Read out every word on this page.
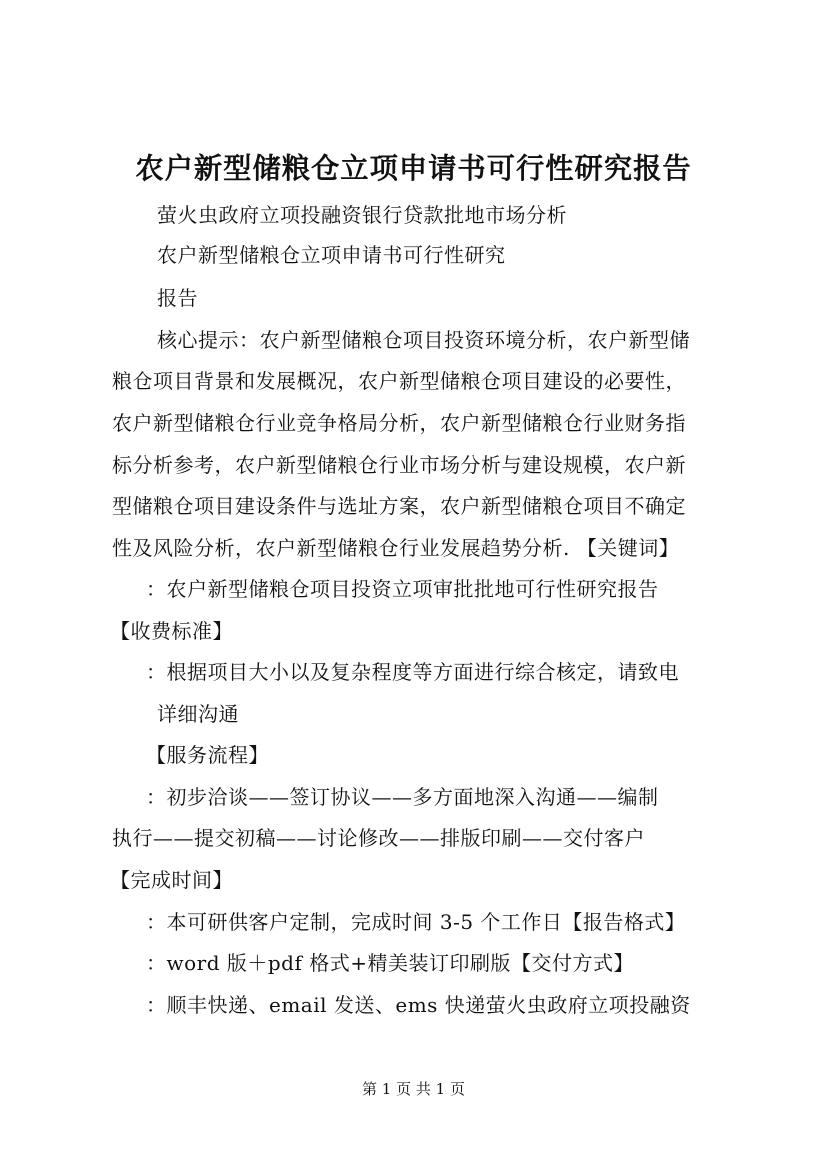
农户新型储粮仓立项申请书可行性研究报告
萤火虫政府立项投融资银行贷款批地市场分析
农户新型储粮仓立项申请书可行性研究
报告
核心提示：农户新型储粮仓项目投资环境分析，农户新型储
粮仓项目背景和发展概况，农户新型储粮仓项目建设的必要性，
农户新型储粮仓行业竞争格局分析，农户新型储粮仓行业财务指
标分析参考，农户新型储粮仓行业市场分析与建设规模，农户新
型储粮仓项目建设条件与选址方案，农户新型储粮仓项目不确定
性及风险分析，农户新型储粮仓行业发展趋势分析. 【关键词】
：农户新型储粮仓项目投资立项审批批地可行性研究报告
【收费标准】
：根据项目大小以及复杂程度等方面进行综合核定，请致电
详细沟通
【服务流程】
：初步洽谈——签订协议——多方面地深入沟通——编制
执行——提交初稿——讨论修改——排版印刷——交付客户
【完成时间】
：本可研供客户定制，完成时间 3-5 个工作日【报告格式】
：word 版＋pdf 格式+精美装订印刷版【交付方式】
：顺丰快递、email 发送、ems 快递萤火虫政府立项投融资
第 1 页 共 1 页
